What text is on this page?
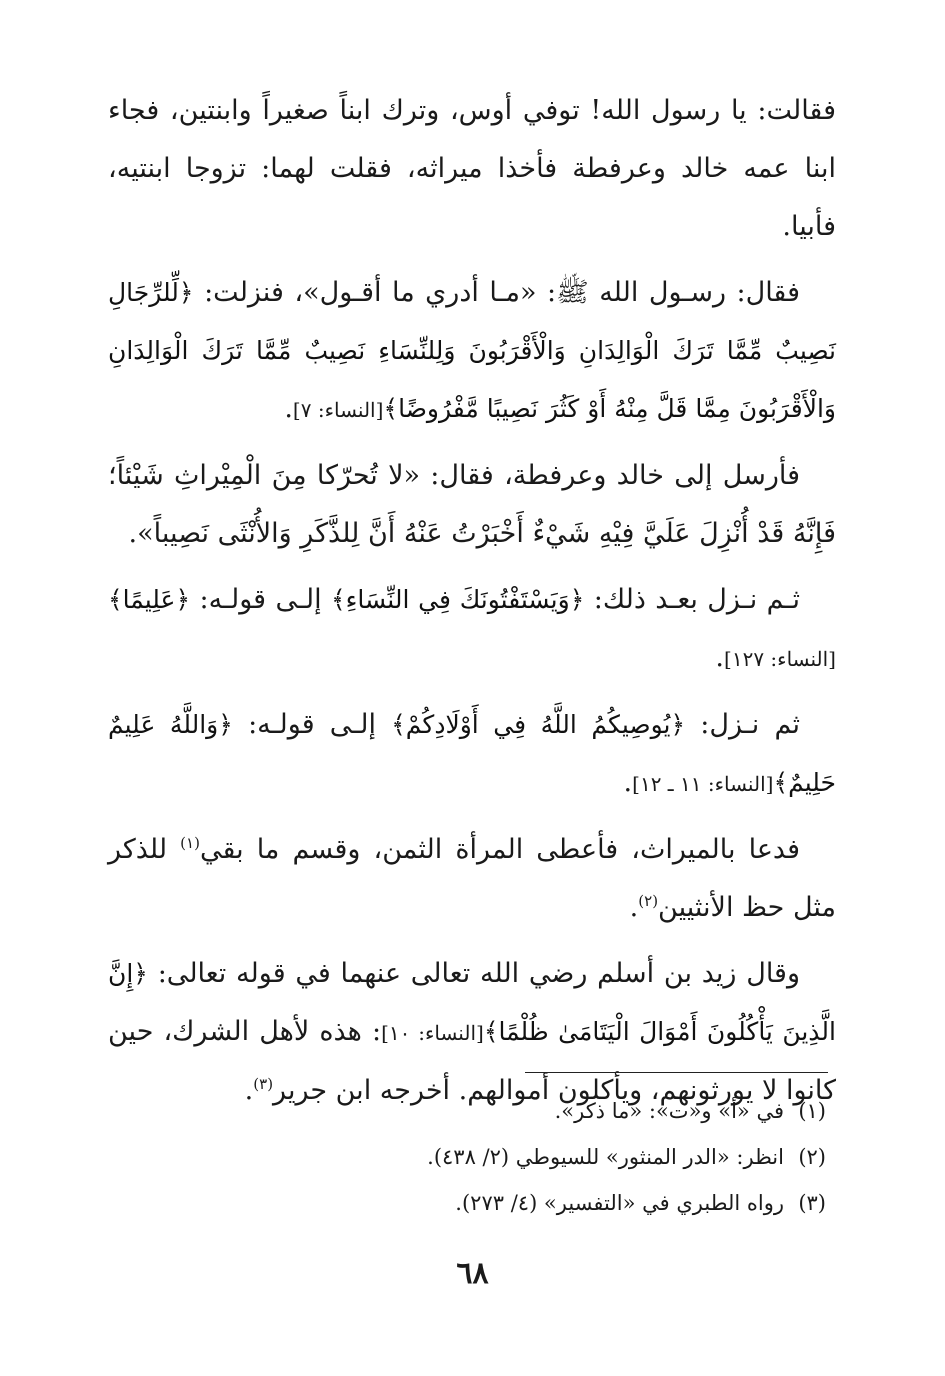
فقالت: يا رسول الله! توفي أوس، وترك ابناً صغيراً وابنتين، فجاء ابنا عمه خالد وعرفطة فأخذا ميراثه، فقلت لهما: تزوجا ابنتيه، فأبيا.

فقال: رسـول الله ﷺ: «مـا أدري ما أقـول»، فنزلت: ﴿لِّلرِّجَالِ نَصِيبٌ مِّمَّا تَرَكَ الْوَالِدَانِ وَالْأَقْرَبُونَ وَلِلنِّسَاءِ نَصِيبٌ مِّمَّا تَرَكَ الْوَالِدَانِ وَالْأَقْرَبُونَ مِمَّا قَلَّ مِنْهُ أَوْ كَثُرَ نَصِيبًا مَّفْرُوضًا﴾[النساء: ٧].

فأرسل إلى خالد وعرفطة، فقال: «لا تُحرّكا مِنَ الْمِيْراثِ شَيْئاً؛ فَإِنَّهُ قَدْ أُنْزِلَ عَلَيَّ فِيْهِ شَيْءٌ أَخْبَرْتُ عَنْهُ أَنَّ لِلذَّكَرِ وَالأُنْثَى نَصِيباً».

ثـم نـزل بعـد ذلك: ﴿وَيَسْتَفْتُونَكَ فِي النِّسَاءِ﴾ إلـى قولـه: ﴿عَلِيمًا﴾[النساء: ١٢٧].

ثم نـزل: ﴿يُوصِيكُمُ اللَّهُ فِي أَوْلَادِكُمْ﴾ إلـى قولـه: ﴿وَاللَّهُ عَلِيمٌ حَلِيمٌ﴾[النساء: ١١ ـ ١٢].

فدعا بالميراث، فأعطى المرأة الثمن، وقسم ما بقي$^{(١)}$ للذكر مثل حظ الأنثيين$^{(٢)}$.

وقال زيد بن أسلم رضي الله تعالى عنهما في قوله تعالى: ﴿إِنَّ الَّذِينَ يَأْكُلُونَ أَمْوَالَ الْيَتَامَىٰ ظُلْمًا﴾[النساء: ١٠]: هذه لأهل الشرك، حين كانوا لا يورثونهم، ويأكلون أموالهم. أخرجه ابن جرير$^{(٣)}$.

(١)في «أ» و«ت»: «ما ذكر».
(٢)انظر: «الدر المنثور» للسيوطي (٢/ ٤٣٨).
(٣)رواه الطبري في «التفسير» (٤/ ٢٧٣).
٦٨
